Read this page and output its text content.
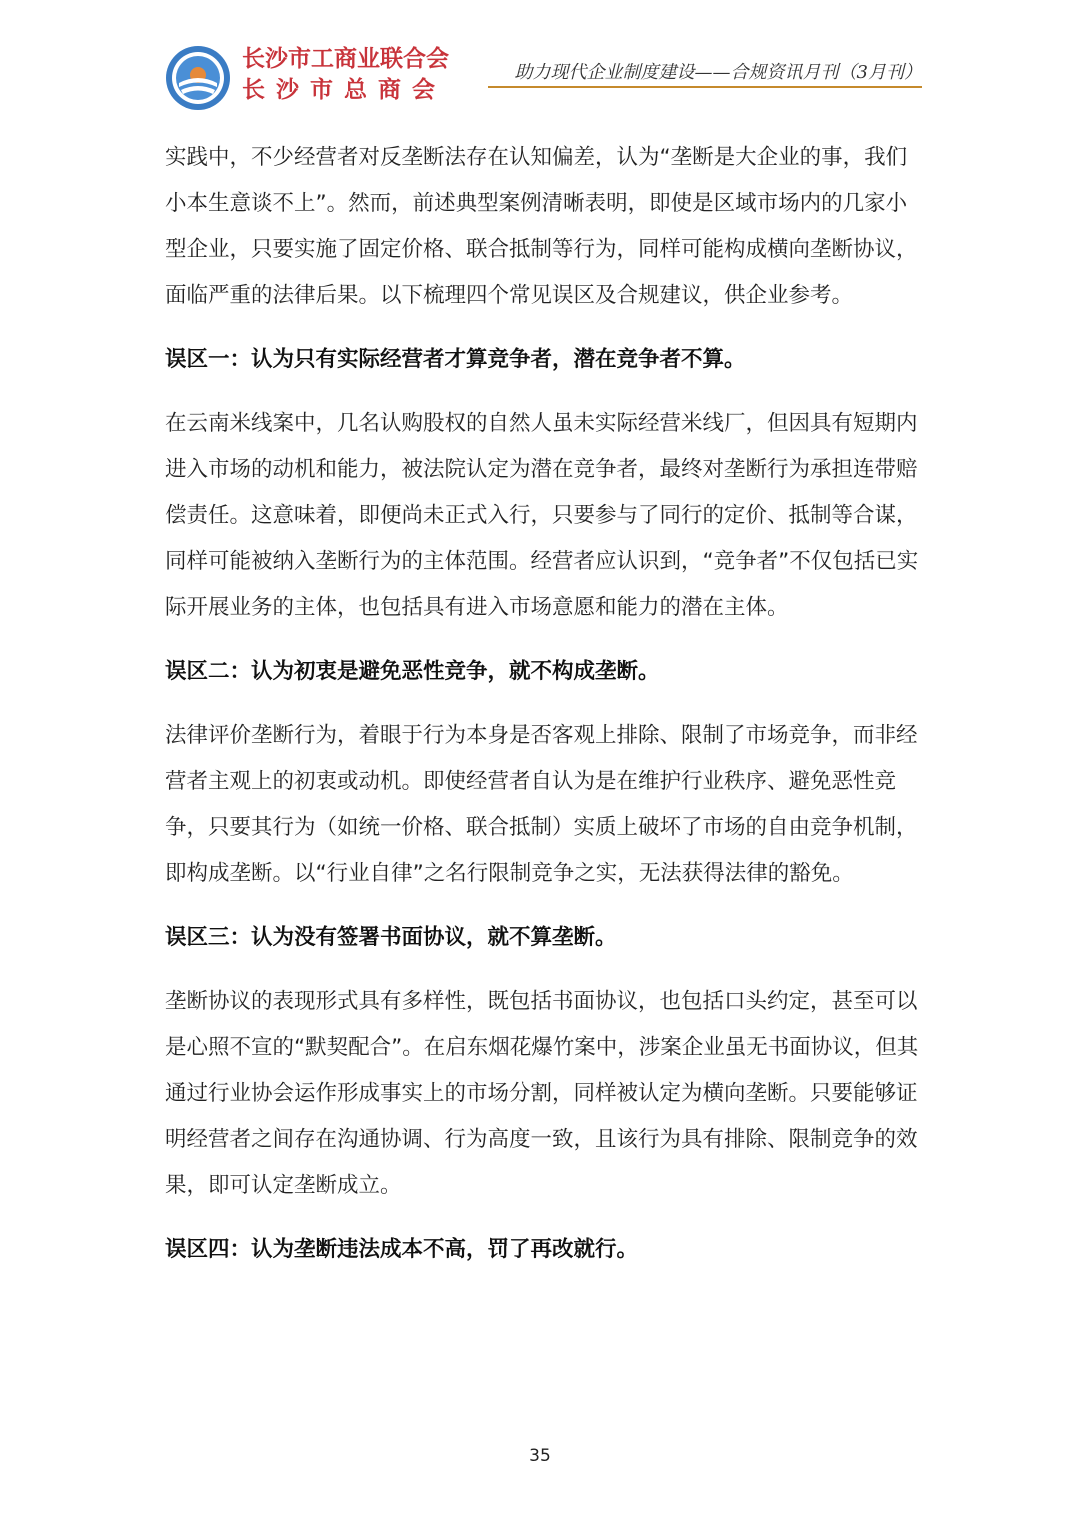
长沙市工商业联合会
长沙市总商会
助力现代企业制度建设——合规资讯月刊（3月刊）

实践中，不少经营者对反垄断法存在认知偏差，认为“垄断是大企业的事，我们小本生意谈不上”。然而，前述典型案例清晰表明，即使是区域市场内的几家小型企业，只要实施了固定价格、联合抵制等行为，同样可能构成横向垄断协议，面临严重的法律后果。以下梳理四个常见误区及合规建议，供企业参考。

误区一：认为只有实际经营者才算竞争者，潜在竞争者不算。

在云南米线案中，几名认购股权的自然人虽未实际经营米线厂，但因具有短期内进入市场的动机和能力，被法院认定为潜在竞争者，最终对垄断行为承担连带赔偿责任。这意味着，即便尚未正式入行，只要参与了同行的定价、抵制等合谋，同样可能被纳入垄断行为的主体范围。经营者应认识到，“竞争者”不仅包括已实际开展业务的主体，也包括具有进入市场意愿和能力的潜在主体。

误区二：认为初衷是避免恶性竞争，就不构成垄断。

法律评价垄断行为，着眼于行为本身是否客观上排除、限制了市场竞争，而非经营者主观上的初衷或动机。即使经营者自认为是在维护行业秩序、避免恶性竞争，只要其行为（如统一价格、联合抵制）实质上破坏了市场的自由竞争机制，即构成垄断。以“行业自律”之名行限制竞争之实，无法获得法律的豁免。

误区三：认为没有签署书面协议，就不算垄断。

垄断协议的表现形式具有多样性，既包括书面协议，也包括口头约定，甚至可以是心照不宣的“默契配合”。在启东烟花爆竹案中，涉案企业虽无书面协议，但其通过行业协会运作形成事实上的市场分割，同样被认定为横向垄断。只要能够证明经营者之间存在沟通协调、行为高度一致，且该行为具有排除、限制竞争的效果，即可认定垄断成立。

误区四：认为垄断违法成本不高，罚了再改就行。

35
